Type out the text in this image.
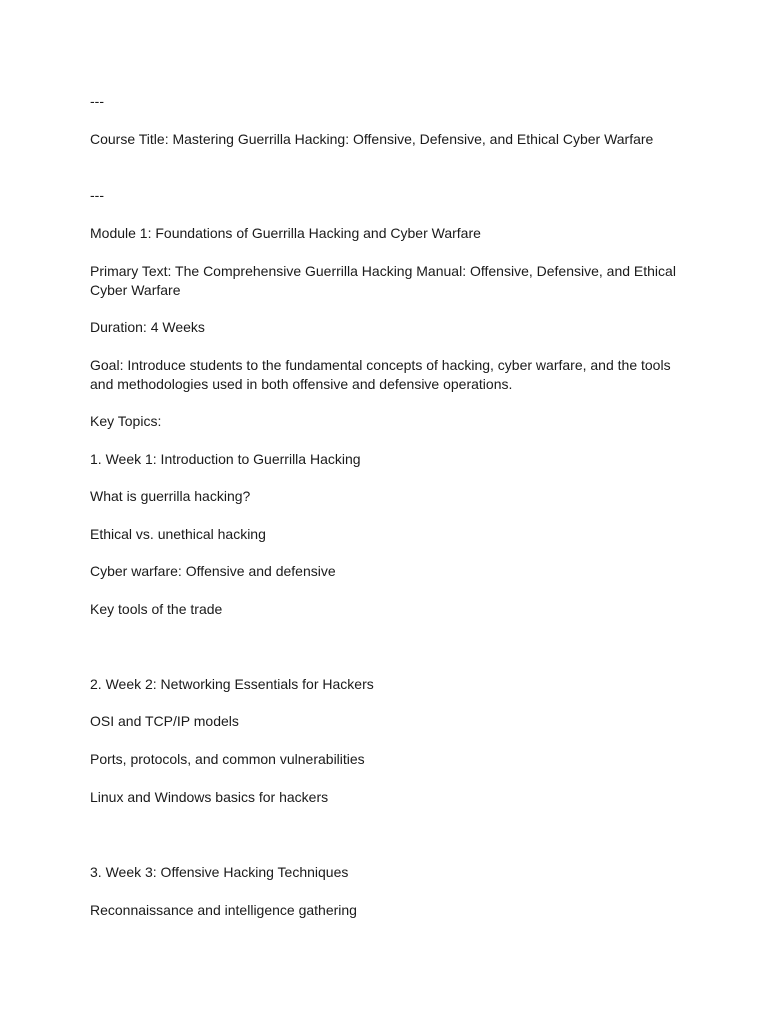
---

Course Title: Mastering Guerrilla Hacking: Offensive, Defensive, and Ethical Cyber Warfare

---

Module 1: Foundations of Guerrilla Hacking and Cyber Warfare

Primary Text: The Comprehensive Guerrilla Hacking Manual: Offensive, Defensive, and Ethical Cyber Warfare

Duration: 4 Weeks

Goal: Introduce students to the fundamental concepts of hacking, cyber warfare, and the tools and methodologies used in both offensive and defensive operations.

Key Topics:

1. Week 1: Introduction to Guerrilla Hacking

What is guerrilla hacking?

Ethical vs. unethical hacking

Cyber warfare: Offensive and defensive

Key tools of the trade

2. Week 2: Networking Essentials for Hackers

OSI and TCP/IP models

Ports, protocols, and common vulnerabilities

Linux and Windows basics for hackers

3. Week 3: Offensive Hacking Techniques

Reconnaissance and intelligence gathering
